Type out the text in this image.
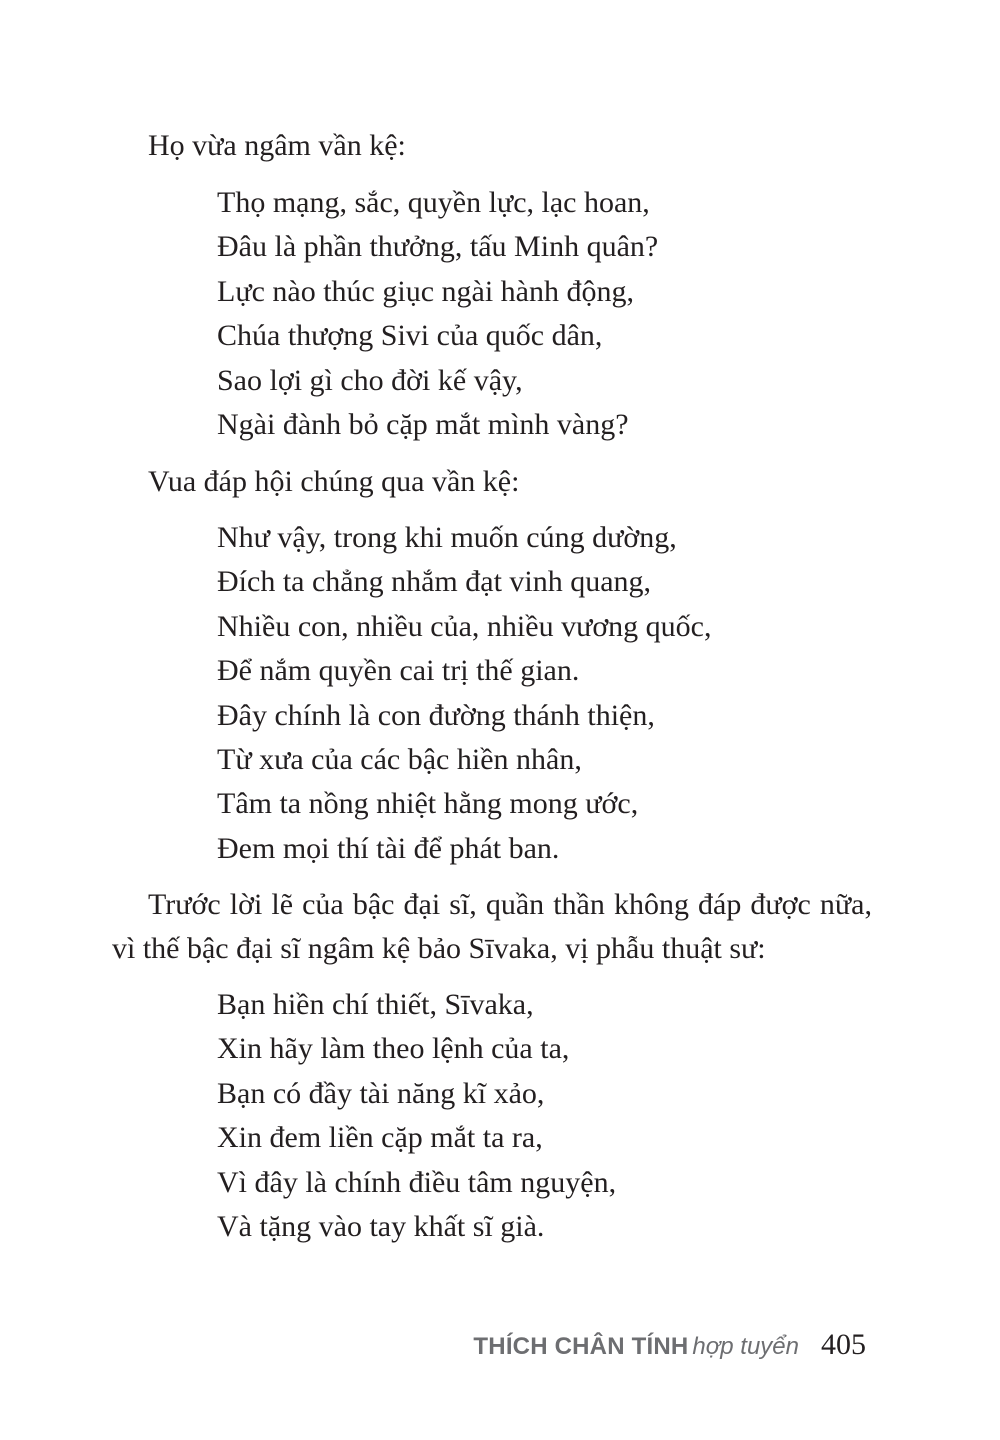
Họ vừa ngâm vần kệ:

Thọ mạng, sắc, quyền lực, lạc hoan,
Đâu là phần thưởng, tấu Minh quân?
Lực nào thúc giục ngài hành động,
Chúa thượng Sivi của quốc dân,
Sao lợi gì cho đời kế vậy,
Ngài đành bỏ cặp mắt mình vàng?

Vua đáp hội chúng qua vần kệ:

Như vậy, trong khi muốn cúng dường,
Đích ta chẳng nhắm đạt vinh quang,
Nhiều con, nhiều của, nhiều vương quốc,
Để nắm quyền cai trị thế gian.
Đây chính là con đường thánh thiện,
Từ xưa của các bậc hiền nhân,
Tâm ta nồng nhiệt hằng mong ước,
Đem mọi thí tài để phát ban.

Trước lời lẽ của bậc đại sĩ, quần thần không đáp được nữa, vì thế bậc đại sĩ ngâm kệ bảo Sīvaka, vị phẫu thuật sư:

Bạn hiền chí thiết, Sīvaka,
Xin hãy làm theo lệnh của ta,
Bạn có đầy tài năng kĩ xảo,
Xin đem liền cặp mắt ta ra,
Vì đây là chính điều tâm nguyện,
Và tặng vào tay khất sĩ già.
THÍCH CHÂN TÍNH hợp tuyển 405
